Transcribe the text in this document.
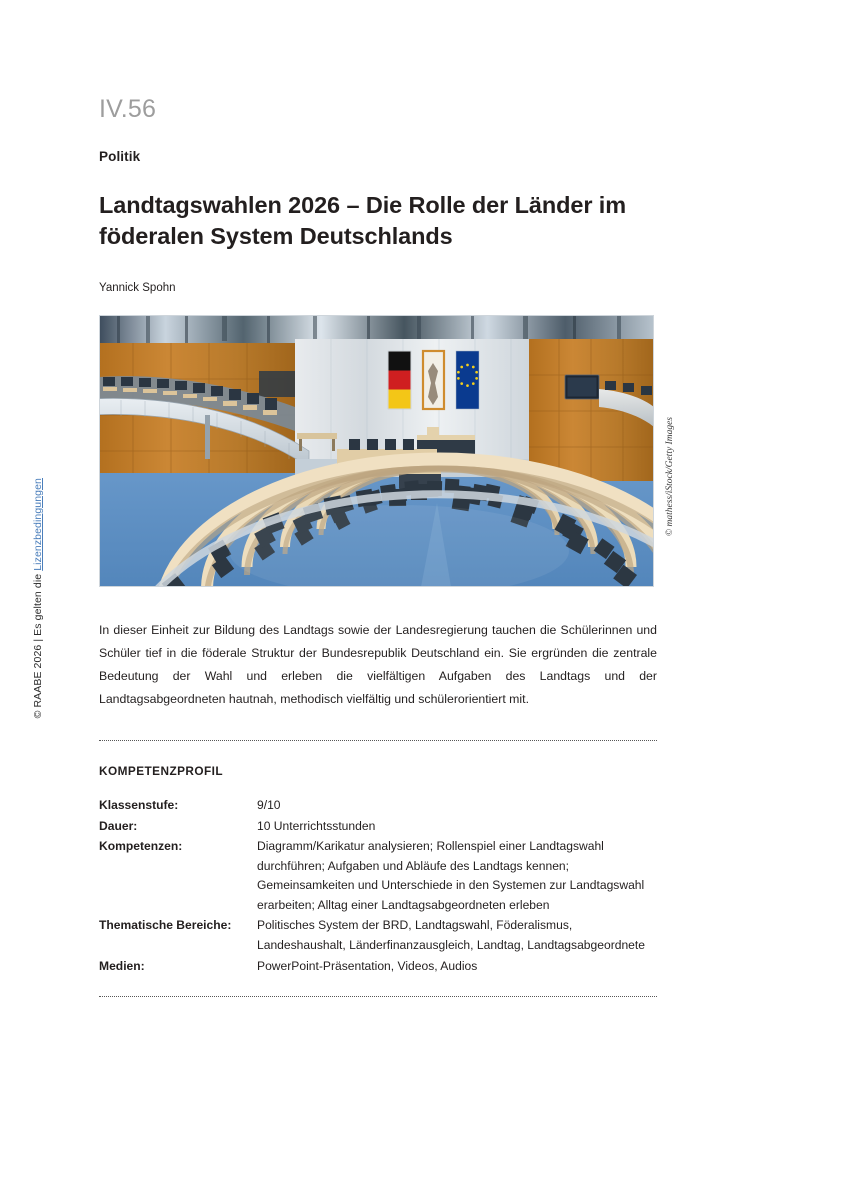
© RAABE 2026 | Es gelten die Lizenzbedingungen
IV.56
Politik
Landtagswahlen 2026 – Die Rolle der Länder im föderalen System Deutschlands
Yannick Spohn
© mathess/iStock/Getty Images

In dieser Einheit zur Bildung des Landtags sowie der Landesregierung tauchen die Schülerinnen und Schüler tief in die föderale Struktur der Bundesrepublik Deutschland ein. Sie ergründen die zentrale Bedeutung der Wahl und erleben die vielfältigen Aufgaben des Landtags und der Landtagsabgeordneten hautnah, methodisch vielfältig und schülerorientiert mit.

KOMPETENZPROFIL
Klassenstufe:	9/10
Dauer:	10 Unterrichtsstunden
Kompetenzen:	Diagramm/Karikatur analysieren; Rollenspiel einer Landtagswahl durchführen; Aufgaben und Abläufe des Landtags kennen; Gemeinsamkeiten und Unterschiede in den Systemen zur Landtagswahl erarbeiten; Alltag einer Landtagsabgeordneten erleben
Thematische Bereiche:	Politisches System der BRD, Landtagswahl, Föderalismus, Landeshaushalt, Länderfinanzausgleich, Landtag, Landtagsabgeordnete
Medien:	PowerPoint-Präsentation, Videos, Audios
